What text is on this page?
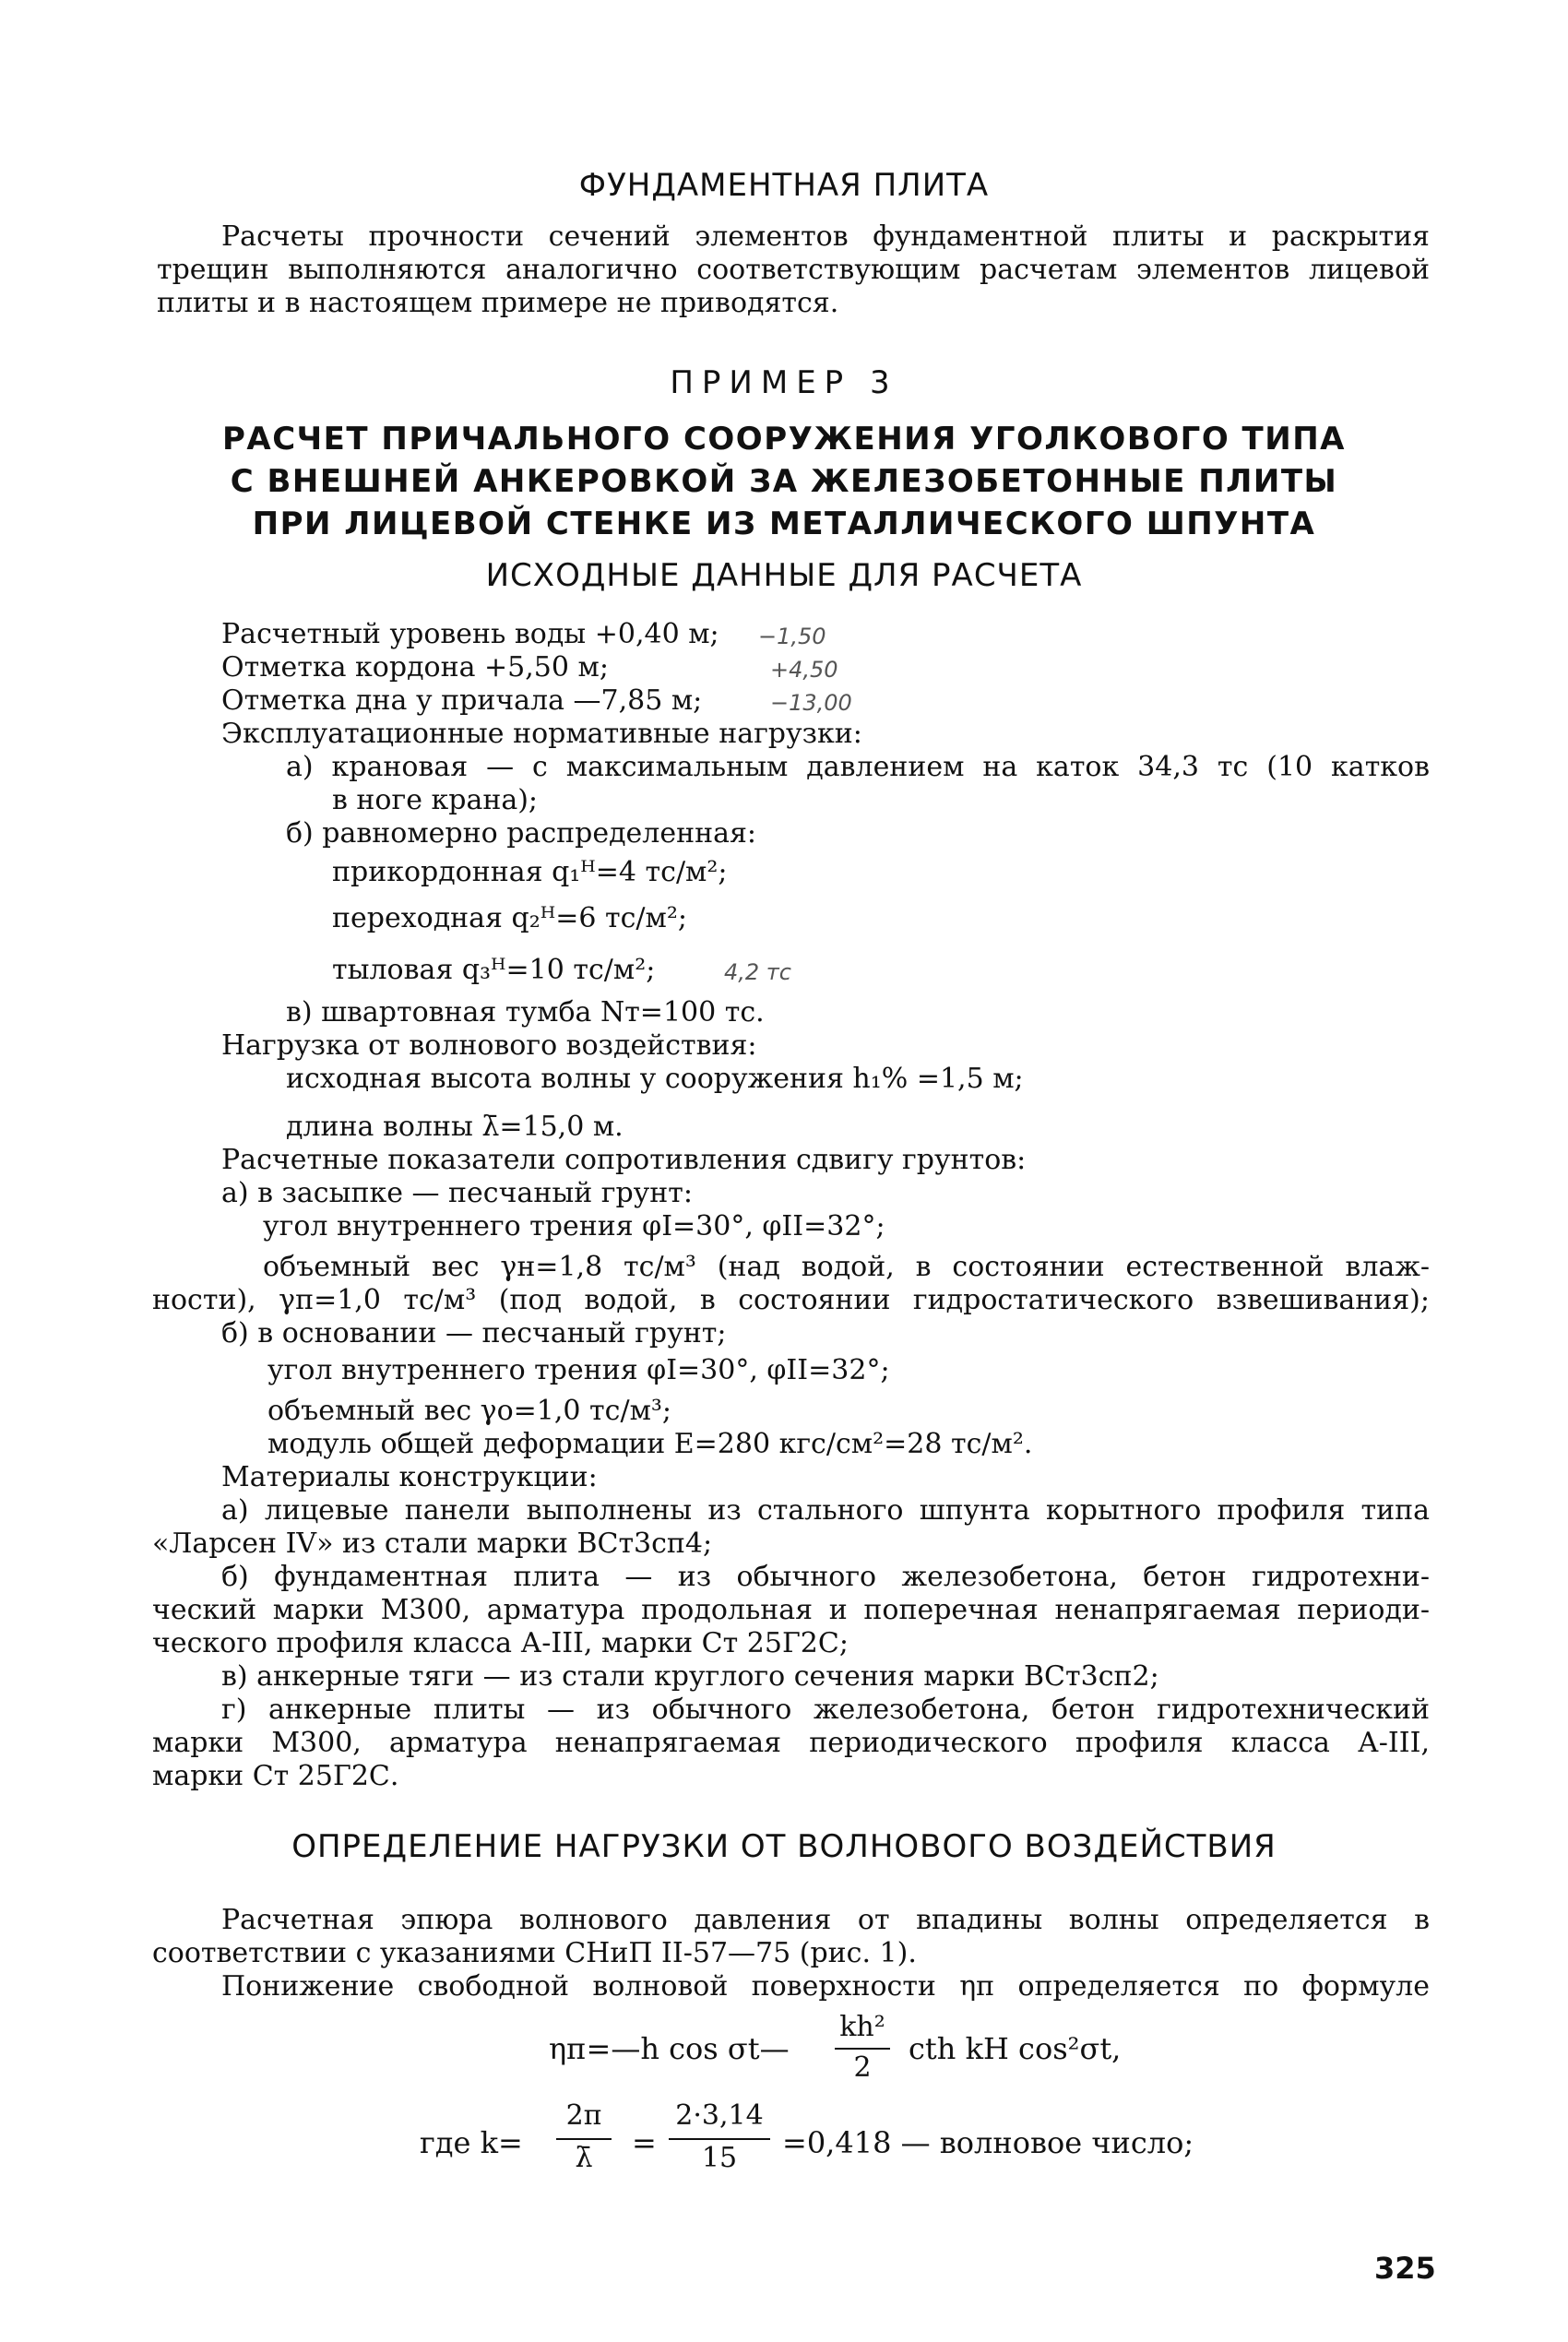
ФУНДАМЕНТНАЯ ПЛИТА
Расчеты прочности сечений элементов фундаментной плиты и раскрытия
трещин выполняются аналогично соответствующим расчетам элементов лицевой
плиты и в настоящем примере не приводятся.
ПРИМЕР 3
РАСЧЕТ ПРИЧАЛЬНОГО СООРУЖЕНИЯ УГОЛКОВОГО ТИПА
С ВНЕШНЕЙ АНКЕРОВКОЙ ЗА ЖЕЛЕЗОБЕТОННЫЕ ПЛИТЫ
ПРИ ЛИЦЕВОЙ СТЕНКЕ ИЗ МЕТАЛЛИЧЕСКОГО ШПУНТА
ИСХОДНЫЕ ДАННЫЕ ДЛЯ РАСЧЕТА
Расчетный уровень воды +0,40 м; −1,50
Отметка кордона +5,50 м;	+4,50
Отметка дна у причала —7,85 м;	−13,00
Эксплуатационные нормативные нагрузки:
а) крановая — с максимальным давлением на каток 34,3 тс (10 катков
в ноге крана);
б) равномерно распределенная:
прикордонная q₁ᴴ=4 тс/м²;
переходная q₂ᴴ=6 тс/м²;
тыловая q₃ᴴ=10 тс/м²;	4,2 тс
в) швартовная тумба Nт=100 тс.
Нагрузка от волнового воздействия:
исходная высота волны у сооружения h₁% =1,5 м;
длина волны λ̄=15,0 м.
Расчетные показатели сопротивления сдвигу грунтов:
а) в засыпке — песчаный грунт:
угол внутреннего трения φI=30°, φII=32°;
объемный вес γн=1,8 тс/м³ (над водой, в состоянии естественной влаж-
ности), γп=1,0 тс/м³ (под водой, в состоянии гидростатического взвешивания);
б) в основании — песчаный грунт;
угол внутреннего трения φI=30°, φII=32°;
объемный вес γо=1,0 тс/м³;
модуль общей деформации E=280 кгс/см²=28 тс/м².
Материалы конструкции:
а) лицевые панели выполнены из стального шпунта корытного профиля типа
«Ларсен IV» из стали марки ВСт3сп4;
б) фундаментная плита — из обычного железобетона, бетон гидротехни-
ческий марки М300, арматура продольная и поперечная ненапрягаемая периоди-
ческого профиля класса А-III, марки Ст 25Г2С;
в) анкерные тяги — из стали круглого сечения марки ВСт3сп2;
г) анкерные плиты — из обычного железобетона, бетон гидротехнический
марки М300, арматура ненапрягаемая периодического профиля класса А-III,
марки Ст 25Г2С.
ОПРЕДЕЛЕНИЕ НАГРУЗКИ ОТ ВОЛНОВОГО ВОЗДЕЙСТВИЯ
Расчетная эпюра волнового давления от впадины волны определяется в
соответствии с указаниями СНиП II-57—75 (рис. 1).
Понижение свободной волновой поверхности ηп определяется по формуле
ηп=—h cos σt—
kh²
2
cth kH cos²σt,
где k=
2π
λ̄	=
2·3,14
15	=0,418 — волновое число;
325
